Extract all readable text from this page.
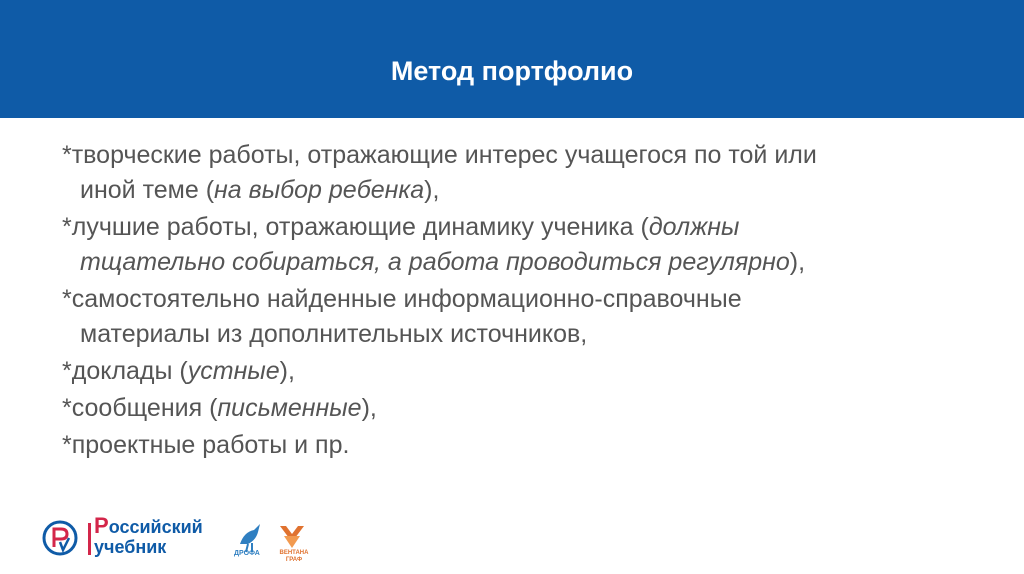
Метод портфолио
*творческие работы, отражающие интерес учащегося по той или
иной теме (на выбор ребенка),
*лучшие работы, отражающие динамику ученика (должны
тщательно собираться, а работа проводиться регулярно),
*самостоятельно найденные информационно-справочные
материалы из дополнительных источников,
*доклады (устные),
*сообщения (письменные),
*проектные работы и пр.
Российский
учебник	ДРОФА	ВЕНТАНА
ГРАФ
